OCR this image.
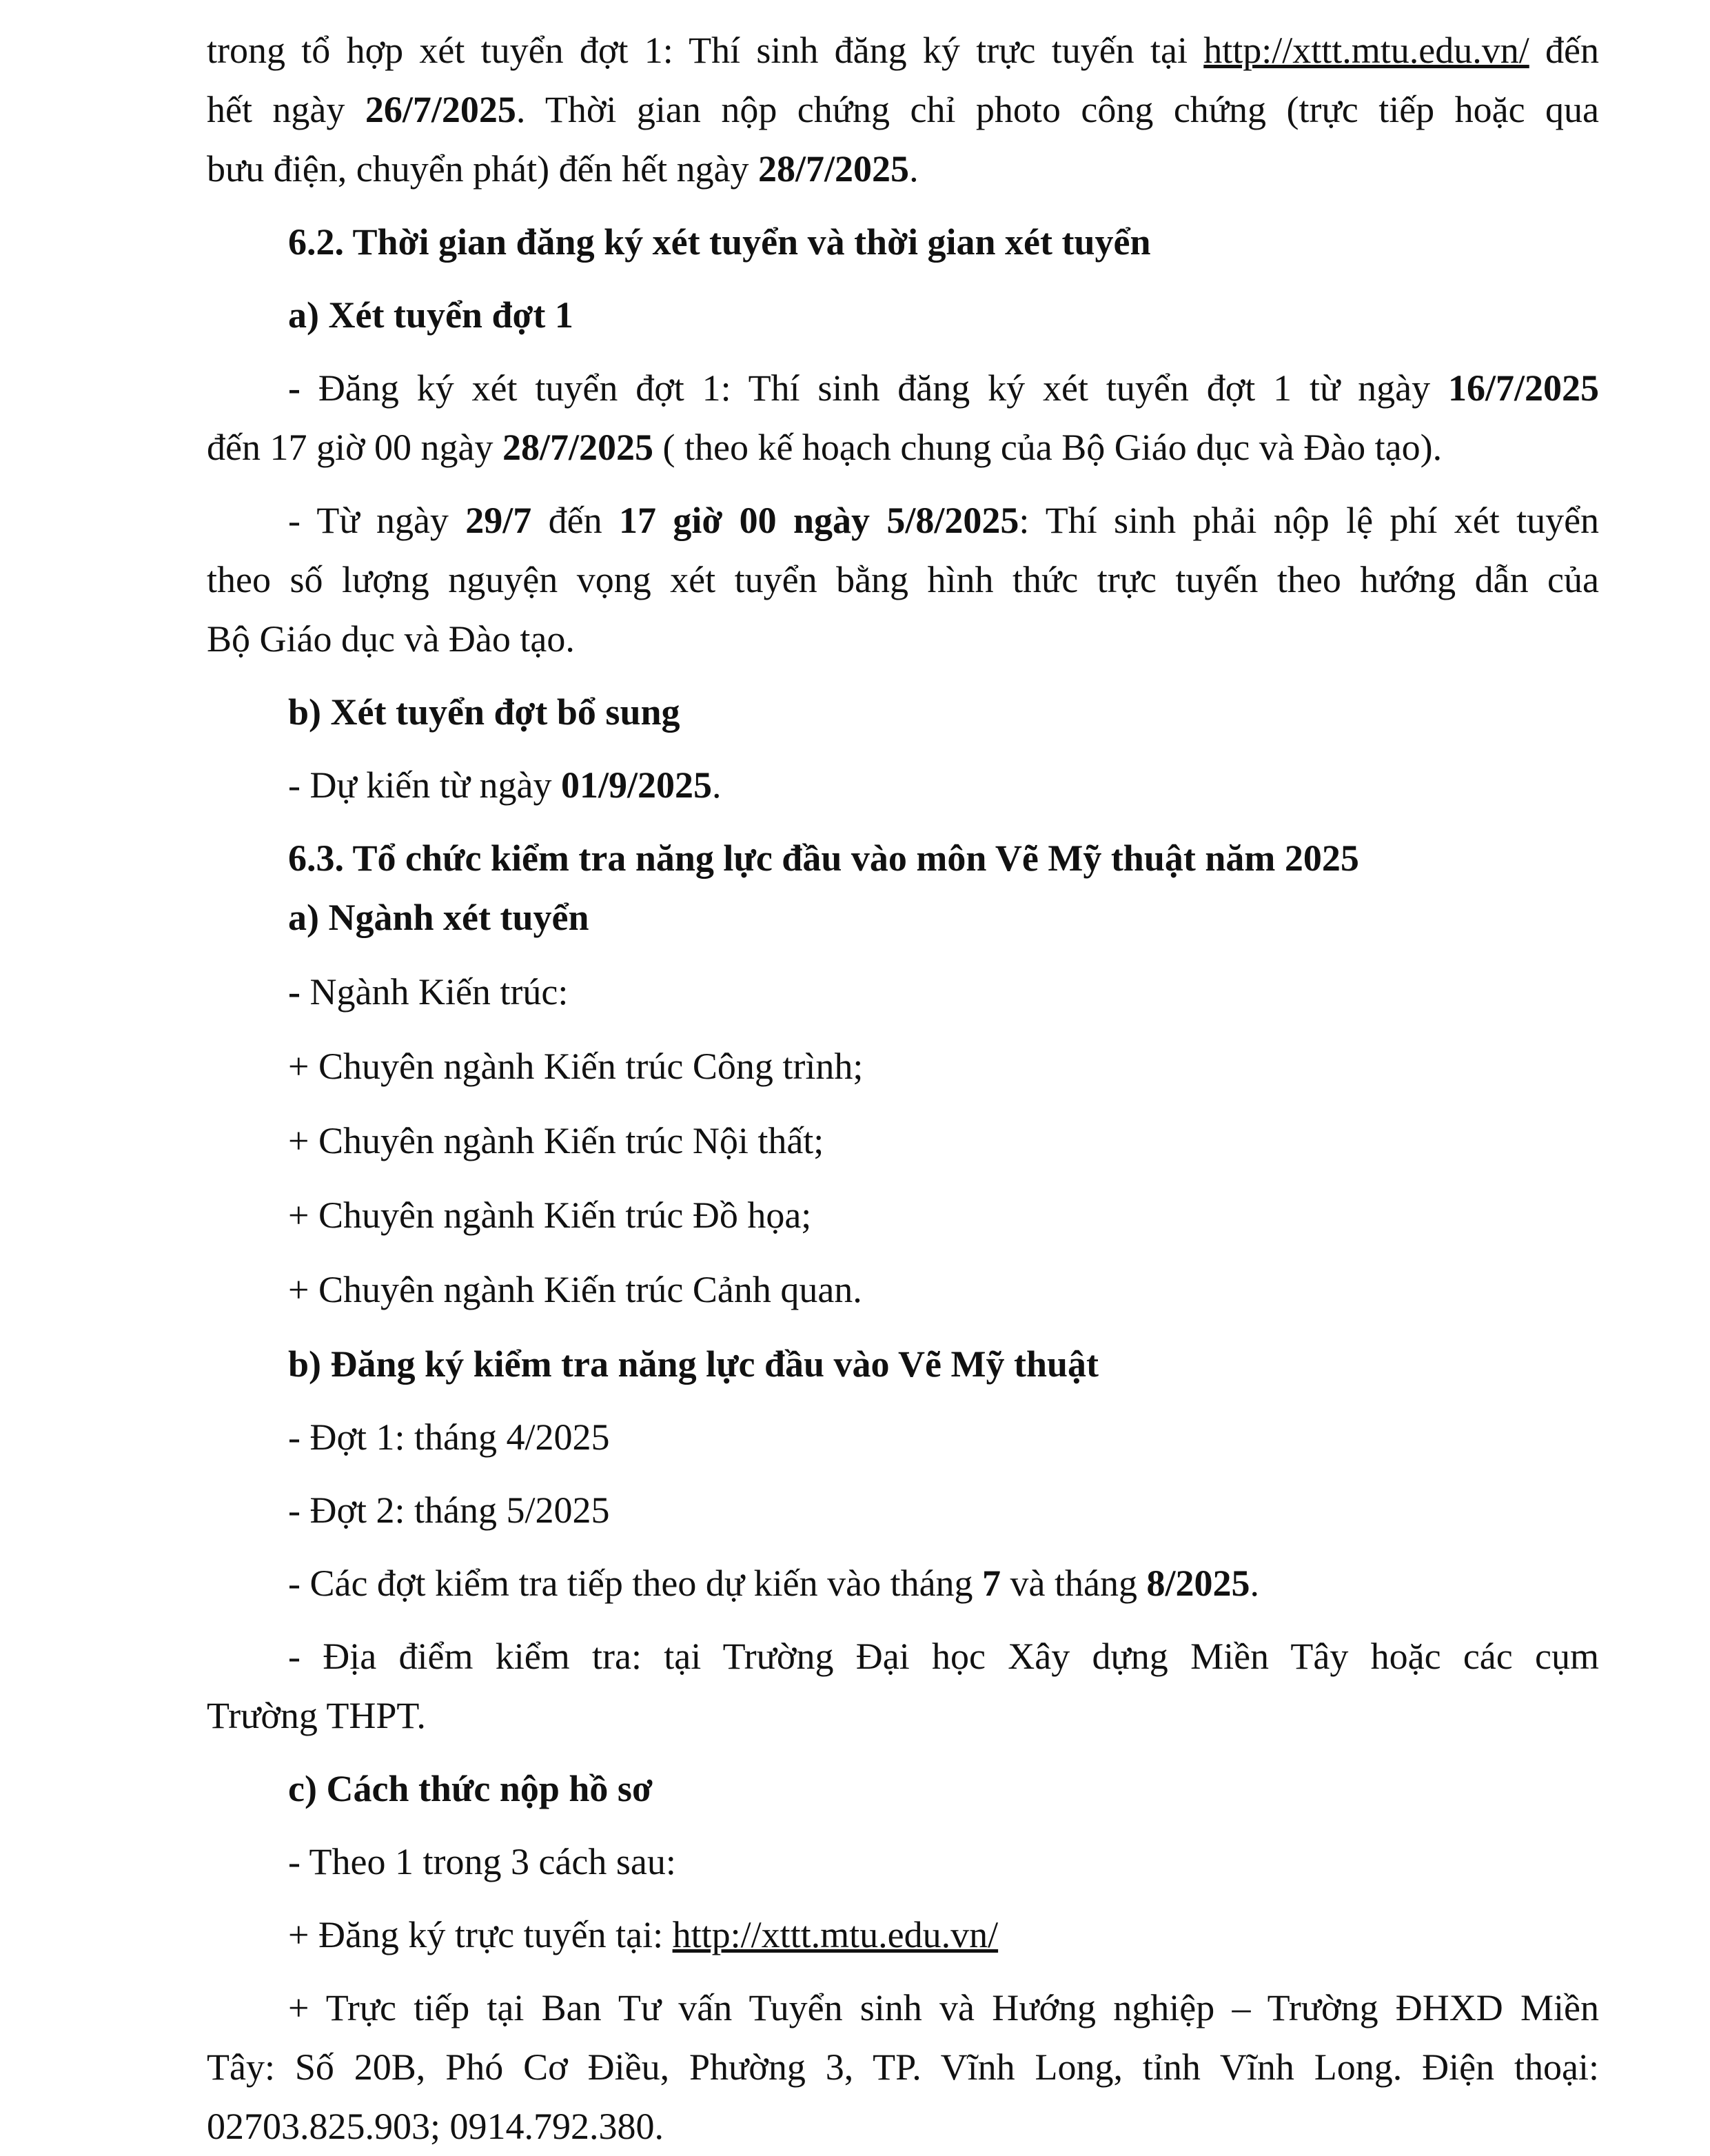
trong tổ hợp xét tuyển đợt 1: Thí sinh đăng ký trực tuyến tại http://xttt.mtu.edu.vn/ đến

hết ngày 26/7/2025. Thời gian nộp chứng chỉ photo công chứng (trực tiếp hoặc qua

bưu điện, chuyển phát) đến hết ngày 28/7/2025.

6.2. Thời gian đăng ký xét tuyển và thời gian xét tuyển

a) Xét tuyển đợt 1

- Đăng ký xét tuyển đợt 1: Thí sinh đăng ký xét tuyển đợt 1 từ ngày 16/7/2025

đến 17 giờ 00 ngày 28/7/2025 ( theo kế hoạch chung của Bộ Giáo dục và Đào tạo).

- Từ ngày 29/7 đến 17 giờ 00 ngày 5/8/2025: Thí sinh phải nộp lệ phí xét tuyển

theo số lượng nguyện vọng xét tuyển bằng hình thức trực tuyến theo hướng dẫn của

Bộ Giáo dục và Đào tạo.

b) Xét tuyển đợt bổ sung

- Dự kiến từ ngày 01/9/2025.

6.3. Tổ chức kiểm tra năng lực đầu vào môn Vẽ Mỹ thuật năm 2025

a) Ngành xét tuyển

- Ngành Kiến trúc:

+ Chuyên ngành Kiến trúc Công trình;

+ Chuyên ngành Kiến trúc Nội thất;

+ Chuyên ngành Kiến trúc Đồ họa;

+ Chuyên ngành Kiến trúc Cảnh quan.

b) Đăng ký kiểm tra năng lực đầu vào Vẽ Mỹ thuật

- Đợt 1: tháng 4/2025

- Đợt 2: tháng 5/2025

- Các đợt kiểm tra tiếp theo dự kiến vào tháng 7 và tháng 8/2025.

- Địa điểm kiểm tra: tại Trường Đại học Xây dựng Miền Tây hoặc các cụm

Trường THPT.

c) Cách thức nộp hồ sơ

- Theo 1 trong 3 cách sau:

+ Đăng ký trực tuyến tại: http://xttt.mtu.edu.vn/

+ Trực tiếp tại Ban Tư vấn Tuyển sinh và Hướng nghiệp – Trường ĐHXD Miền

Tây: Số 20B, Phó Cơ Điều, Phường 3, TP. Vĩnh Long, tỉnh Vĩnh Long. Điện thoại:

02703.825.903; 0914.792.380.
